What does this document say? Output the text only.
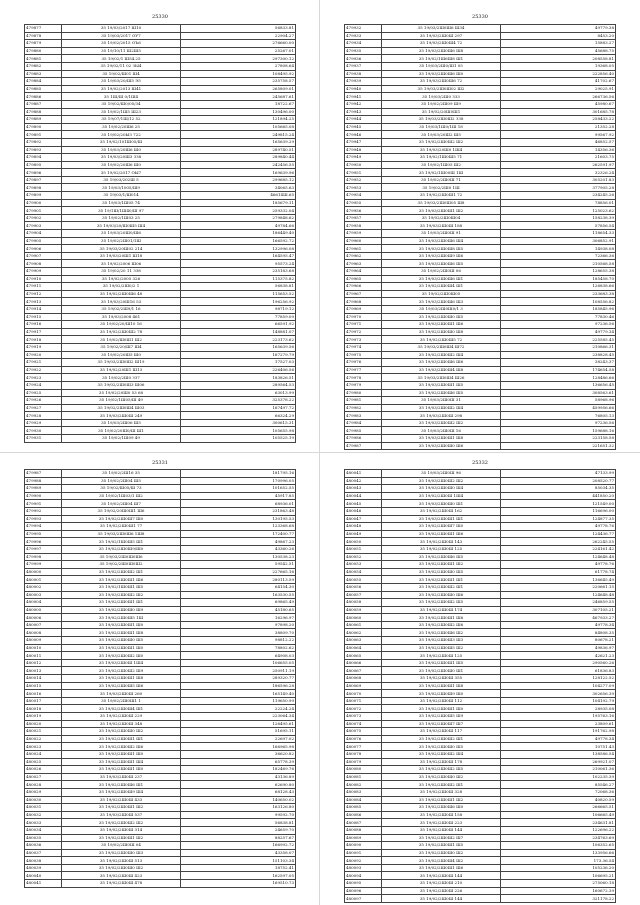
25330
479877	35 19/03/2017 Ш10	56833.81
479878	35 19/03/2017 ОУ7	22904.27
479879	35 19/02/2015 ОЪ6	276660.00
479880	35 19/10/11 Ш2Ш5	25267.01
479881	35 19/02/1 Ш54.25	297300.12
479882	35 19/02/11 02 ЗЫ4	27808.64
479883	35 19/02/Ш01 Ш4	108495.92
479884	35 19/03/20/Ш5 Э5	235758.57
479885	35 19/02/2013 Ш41	265809.01
479886	35 1Ш/Ш 0/1Ш4	245687.61
479887	35 19/02/Ш0/05/34	18722.67
479888	35 19/02/1Ш5 Ш23	130496.00
479889	35 19/07/1Ш/12 52	121894.25
479890	35 19/02/20Ш6 25	105665.08
479891	35 19/02/20ЫЗ 722	249815.24
479892	35 19/02/101Ш05/Ш	165639.29
479893	35 19/03/20Ш6 Ш0	289740.51
479894	35 19/03/20Ш3 ЗЗ8	289840.44
479895	35 19/02/20Ш6 Ш0	242456.55
479896	35 19/02/2017 ОЫ7	169639.96
479897	35 19/03/202Ш 5	299685.12
479898	35 19/03/1005/Ш9	34065.63
479899	35 19/03/1/Ш014	46614Ш.65
479900	35 19/03/1Ш05 74	185679.11
479901	35 19/1Ш/1Ш40/Ш 97	259332.04
479902	35 19/02/1Ш03 25	279848.62
479903	35 19/03/20/Ш0Ш5 Ш4	49784.66
479904	35 19/03/20Ш0/Ш6	186449.40
479905	35 19/02/2Ш01/1Ш	166592.72
479906	35 19/03/20Ш02 214	132996.08
479907	35 19/03/20Ш1 Ш18	164595.47
479908	35 19/02/2006 Ш06	95573.24
479909	35 19/02/20 11 ЗЗ8	235183.68
479910	35 19/02/2005 326	115375.82
479911	35 19/02/2Ш0/2 1	56838.81
479912	35 19/02/2Ш0Ш6 48	115653.52
479913	35 19/03/20Ш16 53	196256.92
479914	35 19/02/2Ш9/1 16	98719.12
479915	35 19/03/2008 461	77859.09
479916	35 19/02/20/Ш10 16	66591.92
479917	35 19/02/2Ш0Ш2 78	148881.07
479918	35 19/02/Ш0Ш1 Ш2	223173.62
479919	35 19/02/20/Ш7 Ш4	165639.56
479920	35 19/02/20Ш5 Ш0	167279.79
479921	35 19/03/2Ш0Ш2 Ш19	17527.03
479922	35 19/02/20Ш1 Ш13	226406.56
479923	35 19/02/2Ш0 ЗЗ7	183826.51
479924	35 19/02/2Ш0Ш3 Ш06	289564.53
479925	35 19/02/20Ш0 53 68	63013.99
479926	35 19/02/1Ш05/Ш 49	325378.22
479927	35 19/02/2Ш0Ш4 Ш03	167497.72
479928	35 19/03/2Ш0Ш 249	66324.29
479929	35 19/03/2Ш06 Ш5	300615.31
479930	35 19/02/20Ш0/Ш Ш1	105655.98
479931	35 19/02/1Ш09 49	105525.19
25330
479932	35 19/03/2Ш0Ш6 Ш34	49779.38
479933	35 19/03/2Ш0Ш 297	8453.20
479934	35 19/03/2Ш0Ш4 72	15883.27
479935	35 19/03/2Ш0Ш6 Ш8	45688.75
479936	35 19/02/1Ш6Ш8 Ш1	208558.81
479937	35 19/03/2Ш0/Ш1 05	19368.05
479938	35 19/03/2Ш0Ш6 Ш0	222856.40
479939	35 19/03/2Ш0Ш6 72	41702.67
479940	35 19/03/2Ш0Ш02 Ш2	29025.91
479941	35 19/03/2Ш0 ЗЗ3	266736.56
479942	35 19/02/2Ш09 Ш9	45980.67
479943	35 19/02/20Ш0Ш1	301685.78
479944	35 19/03/2Ш0Ш2 ЗЗ8	258433.22
479945	35 19/03/1Ш0/1Ш 18	21352.28
479946	35 19/03/20Ш2 Ш5	99567.92
479947	35 19/02/2Ш0Ш2 Ш2	46852.57
479948	35 19/03/20Ш0 1Ш4	14356.36
479949	35 19/02/1Ш0Ш5 71	21603.75
479950	35 19/02/1Ш05 Ш2	262591.97
479951	35 19/02/1Ш00Ш 1Ш	32326.24
479952	35 19/02/2Ш0Ш 71	305201.83
479953	35 19/02/2Ш0 1Ш	377905.28
479954	35 19/02/2Ш0Ш1 72	234245.26
479955	35 19/03/2Ш0Ш05 Ш8	78856.01
479956	35 19/03/2Ш0Ш1 Ш2	125023.62
479957	35 19/02/2Ш0Ш04	158238.39
479958	35 19/03/2Ш0Ш 188	57856.54
479959	35 19/03/2Ш0Ш 91	118654.33
479960	35 19/03/2Ш0Ш6 Ш4	306852.91
479961	35 19/03/2Ш0Ш8 Ш5	14938.08
479962	35 19/03/2Ш0Ш9 Ш6	72366.36
479963	35 19/03/2Ш0Ш6 Ш5	210568.58
479964	35 19/02/2Ш0Ш 06	128655.38
479965	35 19/03/2Ш0Ш6 Ш1	185458.70
479966	35 19/02/2Ш0Ш4 Ш1	126838.66
479967	35 19/02/2Ш0Ш05	233683.38
479968	35 19/03/2Ш0Ш6 Ш3	108556.82
479969	35 19/03/2Ш0Ш0/1 3	185845.96
479970	35 19/02/2Ш0Ш0 Ш5	77830.46
479971	35 19/03/2Ш0Ш1 Ш6	97236.56
479972	35 19/02/2Ш0Ш0 Ш8	49779.34
479973	35 19/02/2Ш0Ш5 72	225585.45
479974	35 19/03/2Ш0Ш4 Ш72	210866.31
479975	35 19/02/2Ш0Ш2 Ш4	238828.45
479976	35 19/03/2Ш0Ш6 Ш6	38243.37
479977	35 19/03/2Ш0Ш4 Ш8	174654.58
479978	35 19/03/2Ш0Ш4 Ш26	128486.66
479979	35 19/03/2Ш0Ш1 Ш5	136656.45
479980	35 19/02/2Ш0Ш6 Ш5	308563.61
479981	35 19/03/2Ш0Ш 31	58968.96
479982	35 19/03/2Ш0Ш2 Ш4	459956.66
479983	35 19/03/2Ш0Ш 298	76805.13
479984	35 19/03/2Ш0Ш2 Ш2	97236.56
479985	35 19/03/2Ш0Ш 16	159688.16
479986	35 19/03/2Ш0Ш1 Ш8	223158.58
479987	35 19/03/2Ш0Ш0 Ш6	221651.32
25331
479987	35 19/02/2Ш16 35	181795.16
479988	35 19/02/2Ш04 Ш5	170996.05
479989	35 19/02/Ш05/Ш 73	101652.55
479990	35 19/02/1Ш03/1 Ш2	45917.85
479991	35 19/02/2Ш04 Ш7	68936.01
479992	35 19/02/20Ш0Ш1 Ш6	231863.48
479993	35 19/02/2Ш0Ш7 Ш0	130195.53
479994	35 19/02/2Ш0Ш1 77	123368.68
479995	35 19/03/2Ш0Ш6 1Ш8	172400.77
479996	35 19/02/1Ш0Ш5 Ш1	49867.23
479997	35 19/02/2Ш0Ш9/Ш0	43360.26
479998	35 19/03/2Ш0Ш0Ш6	130538.23
479999	35 19/02/2Ш0Ш0Ш2	59542.51
480000	35 19/02/2Ш0Ш2 Ш1	227665.16
480001	35 19/02/2Ш0Ш1 Ш6	280113.59
480002	35 19/02/1Ш0Ш1 Ш5	64154.30
480003	35 19/03/2Ш0Ш2 Ш2	163530.55
480004	35 19/02/2Ш0Ш1 Ш1	69865.49
480005	35 19/02/2Ш0Ш0 Ш9	45180.65
480006	35 19/02/2Ш0Ш5 1Ш	16296.97
480007	35 19/03/2Ш0Ш1 Ш0	97898.20
480008	35 19/02/2Ш0Ш1 Ш8	38809.70
480009	35 19/02/2Ш0Ш0 Ш5	98812.22
480010	35 19/02/2Ш0Ш1 Ш0	78802.62
480011	35 19/03/2Ш0Ш2 Ш0	64908.03
480012	35 19/03/2Ш0Ш 1Ш4	106655.05
480013	35 19/02/2Ш0Ш2 Ш9	250911.19
480014	35 19/02/2Ш0Ш1 Ш8	289320.77
480015	35 19/02/2Ш0Ш5 Ш6	186596.28
480016	35 19/03/2Ш0Ш 260	165149.40
480017	35 19/02/2Ш0Ш1 1	119650.99
480018	35 19/02/2Ш0Ш4 Ш1	22224.24
480019	35 19/02/2Ш0Ш 229	223064.34
480020	35 19/02/2Ш0Ш 348	126495.61
480021	35 19/02/2Ш0Ш0 Ш2	51695.11
480022	35 19/02/2Ш0Ш1 Ш1	22697.02
480023	35 19/02/2Ш0Ш2 Ш6	166965.98
480024	35 19/03/2Ш0Ш1 Ш0	36620.82
480025	35 19/02/2Ш0Ш1 Ш4	65778.39
480026	35 19/02/2Ш0Ш1 Ш0	182469.76
480027	35 19/03/2Ш0Ш 237	43136.89
480028	35 19/02/2Ш0Ш6 Ш1	62690.80
480029	35 19/02/2Ш0Ш9 Ш4	68128.43
480030	35 19/02/2Ш0Ш 433	140650.02
480031	35 19/02/2Ш0Ш1 Ш2	163126.80
480032	35 19/03/2Ш0Ш 537	99592.70
480033	35 19/02/2Ш0Ш2 Ш2	56838.81
480034	35 19/02/2Ш0Ш 314	24659.70
480035	35 19/02/2Ш0Ш1 Ш2	88257.67
480036	35 19/02/2Ш0Ш 04	166992.72
480037	35 19/02/2Ш0Ш0 Ш3	43358.07
480038	35 19/02/2Ш0Ш 513	151103.34
480039	35 19/02/2Ш0Ш0 Ш2	18752.41
480040	35 19/02/2Ш0Ш 423	162597.05
480041	35 19/02/2Ш0Ш 478	169510.73
25332
480041	35 19/03/2Ш0Ш 96	47133.99
480042	35 19/03/2Ш0Ш2 Ш2	208520.77
480043	35 19/03/2Ш0Ш0 Ш4	85034.35
480044	35 19/02/2Ш0Ш 1Ш4	441850.20
480045	35 19/03/2Ш0Ш0 Ш1	121549.00
480046	35 19/02/2Ш0Ш 162	116696.00
480047	35 19/03/2Ш0Ш1 Ш1	124877.35
480048	35 19/02/2Ш0Ш7 Ш0	49778.76
480049	35 19/02/2Ш0Ш1 Ш6	124436.77
480050	35 19/02/2Ш0Ш 143	262245.55
480051	35 19/02/2Ш0Ш 125	224161.42
480052	35 19/02/2Ш0Ш6 Ш5	124648.48
480053	35 19/02/2Ш0Ш1 Ш2	49778.76
480054	35 19/02/2Ш0Ш0 Ш5	61778.74
480055	35 19/03/2Ш0Ш1 Ш1	136645.49
480056	35 19/02/2Ш0Ш2 Ш1	220661.15
480057	35 19/02/2Ш0Ш0 Ш6	124648.48
480058	35 19/02/2Ш0Ш2 Ш5	246859.55
480059	35 19/02/2Ш0Ш 174	307105.21
480060	35 19/02/2Ш0Ш1 Ш6	467933.27
480061	35 19/02/2Ш0Ш2 Ш6	49778.34
480062	35 19/02/2Ш0Ш6 Ш2	84808.35
480063	35 19/02/2Ш0Ш3 Ш3	80678.21
480064	35 19/02/2Ш0Ш5 Ш2	49836.97
480065	35 19/02/2Ш0Ш 125	42621.23
480066	35 19/02/2Ш0Ш1 Ш5	290560.26
480067	35 19/02/2Ш0Ш0 Ш1	61836.83
480068	35 19/02/2Ш0Ш 355	128122.52
480069	35 19/02/2Ш0Ш1 Ш8	104277.09
480070	35 19/02/2Ш0Ш9 Ш0	302656.39
480071	35 19/02/2Ш0Ш 112	104192.79
480072	35 19/02/2Ш0Ш1 Ш0	28935.08
480073	35 19/02/2Ш0Ш5 Ш9	195763.16
480074	35 19/02/2Ш0Ш7 Ш7	23809.61
480075	35 19/03/2Ш0Ш 117	191762.98
480076	35 19/02/2Ш0Ш2 Ш1	49778.34
480077	35 19/02/2Ш0Ш0 Ш5	10751.43
480078	35 19/02/2Ш0Ш2 Ш4	138586.54
480079	35 19/02/2Ш0Ш 178	269921.07
480080	35 19/02/2Ш0Ш2 Ш5	210061.36
480081	35 19/02/2Ш0Ш0 Ш2	102235.39
480082	35 19/02/2Ш0Ш2 Ш1	85546.27
480083	35 19/02/2Ш0Ш 328	72068.36
480084	35 19/02/2Ш0Ш1 Ш2	40820.59
480085	35 19/02/2Ш0Ш6 Ш0	266665.51
480086	35 19/02/2Ш0Ш 158	106665.49
480087	35 19/02/2Ш0Ш 223	234631.81
480088	35 19/02/2Ш0Ш 144	122696.22
480089	35 19/02/2Ш0Ш2 Ш7	234763.69
480090	35 19/02/2Ш0Ш1 Ш5	106352.65
480091	35 19/02/2Ш0Ш0 Ш2	133956.66
480092	35 19/02/2Ш0Ш4 Ш2	173.36.54
480093	35 19/02/2Ш0Ш1 Ш6	105236.20
480094	35 19/02/2Ш0Ш 144	106695.21
480095	35 19/02/2Ш0Ш 210	275060.18
480096	35 19/02/2Ш0Ш 226	160672.39
480097	35 19/02/2Ш0Ш 144	321178.22
